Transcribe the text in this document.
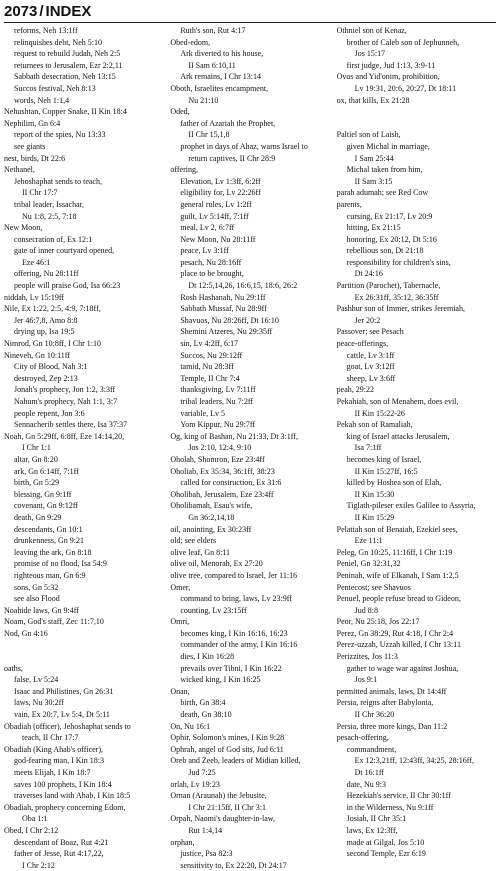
2073 / INDEX
reforms, Neh 13:1ff
relinquishes debt, Neh 5:10
request to rebuild Judah, Neh 2:5
returnees to Jerusalem, Ezr 2:2,11
Sabbath desecration, Neh 13:15
Succos festival, Neh 8:13
words, Neh 1:1,4
Nehushtan, Copper Snake, II Kin 18:4
Nephilim, Gn 6:4
report of the spies, Nu 13:33
see giants
nest, birds, Dt 22:6
Nethanel,
Jehoshaphat sends to teach,
II Chr 17:7
tribal leader, Issachar,
Nu 1:8, 2:5, 7:18
New Moon,
consecration of, Ex 12:1
gate of inner courtyard opened,
Eze 46:1
offering, Nu 28:11ff
people will praise God, Isa 66:23
niddah, Lv 15:19ff
Nile, Ex 1:22, 2:5, 4:9, 7:18ff,
Jer 46:7,8, Amo 8:8
drying up, Isa 19:5
Nimrod, Gn 10:8ff, I Chr 1:10
Nineveh, Gn 10:11ff
City of Blood, Nah 3:1
destroyed, Zep 2:13
Jonah's prophecy, Jon 1:2, 3:3ff
Nahum's prophecy, Nah 1:1, 3:7
people repent, Jon 3:6
Sennacherib settles there, Isa 37:37
Noah, Gn 5:29ff, 6:8ff, Eze 14:14,20,
I Chr 1:1
altar, Gn 8:20
ark, Gn 6:14ff, 7:1ff
birth, Gn 5:29
blessing, Gn 9:1ff
covenant, Gn 9:12ff
death, Gn 9:29
descendants, Gn 10:1
drunkenness, Gn 9:21
leaving the ark, Gn 8:18
promise of no flood, Isa 54:9
righteous man, Gn 6:9
sons, Gn 5:32
see also Flood
Noahide laws, Gn 9:4ff
Noam, God's staff, Zec 11:7,10
Nod, Gn 4:16
oaths,
false, Lv 5:24
Isaac and Philistines, Gn 26:31
laws, Nu 30:2ff
vain, Ex 20:7, Lv 5:4, Dt 5:11
Obadiah (officer), Jehoshaphat sends to
teach, II Chr 17:7
Obadiah (King Ahab's officer),
god-fearing man, I Kin 18:3
meets Elijah, I Kin 18:7
saves 100 prophets, I Kin 18:4
traverses land with Ahab, I Kin 18:5
Obadiah, prophecy concerning Edom,
Oba 1:1
Obed, I Chr 2:12
descendant of Boaz, Rut 4:21
father of Jesse, Rut 4:17,22,
I Chr 2:12
Ruth's son, Rut 4:17
Obed-edom,
Ark diverted to his house,
II Sam 6:10,11
Ark remains, I Chr 13:14
Oboth, Israelites encampment,
Nu 21:10
Oded,
father of Azariah the Prophet,
II Chr 15,1,8
prophet in days of Ahaz, warns Israel to
return captives, II Chr 28:9
offering,
Elevation, Lv 1:3ff, 6:2ff
eligibility for, Lv 22:26ff
general rules, Lv 1:2ff
guilt, Lv 5:14ff, 7:1ff
meal, Lv 2, 6:7ff
New Moon, Nu 28:11ff
peace, Lv 3:1ff
pesach, Nu 28:16ff
place to be brought,
Dt 12:5,14,26, 16:6,15, 18:6, 26:2
Rosh Hashanah, Nu 29:1ff
Sabbath Mussaf, Nu 28:9ff
Shavuos, Nu 28:26ff, Dt 16:10
Shemini Atzeres, Nu 29:35ff
sin, Lv 4:2ff, 6:17
Succos, Nu 29:12ff
tamid, Nu 28:3ff
Temple, II Chr 7:4
thanksgiving, Lv 7:11ff
tribal leaders, Nu 7:2ff
variable, Lv 5
Yom Kippur, Nu 29:7ff
Og, king of Bashan, Nu 21:33, Dt 3:1ff,
Jos 2:10, 12:4, 9:10
Oholah, Shomron, Eze 23:4ff
Oholiab, Ex 35:34, 36:1ff, 38:23
called for construction, Ex 31:6
Oholibah, Jerusalem, Eze 23:4ff
Oholibamah, Esau's wife,
Gn 36:2,14,18
oil, anointing, Ex 30:23ff
old; see elders
olive leaf, Gn 8:11
olive oil, Menorah, Ex 27:20
olive tree, compared to Israel, Jer 11:16
Omer,
command to bring, laws, Lv 23:9ff
counting, Lv 23:15ff
Omri,
becomes king, I Kin 16:16, 16:23
commander of the army, I Kin 16:16
dies, I Kin 16:28
prevails over Tibni, I Kin 16:22
wicked king, I Kin 16:25
Onan,
birth, Gn 38:4
death, Gn 38:10
On, Nu 16:1
Ophir, Solomon's mines, I Kin 9:28
Ophrah, angel of God sits, Jud 6:11
Oreb and Zeeb, leaders of Midian killed,
Jud 7:25
orlah, Lv 19:23
Ornan (Araunah) the Jebusite,
I Chr 21:15ff, II Chr 3:1
Orpah, Naomi's daughter-in-law,
Rut 1:4,14
orphan,
justice, Psa 82:3
sensitivity to, Ex 22:20, Dt 24:17
Othniel son of Kenaz,
brother of Caleb son of Jephunneh,
Jos 15:17
first judge, Jud 1:13, 3:9-11
Ovos and Yid'onim, prohibition,
Lv 19:31, 20:6, 20:27, Dt 18:11
ox, that kills, Ex 21:28
Paltiel son of Laish,
given Michal in marriage,
I Sam 25:44
Michal taken from him,
II Sam 3:15
parah adumah; see Red Cow
parents,
cursing, Ex 21:17, Lv 20:9
hitting, Ex 21:15
honoring, Ex 20:12, Dt 5:16
rebellious son, Dt 21:18
responsibility for children's sins,
Dt 24:16
Partition (Parochet), Tabernacle,
Ex 26:31ff, 35:12, 36:35ff
Pashhur son of Immer, strikes Jeremiah,
Jer 20:2
Passover; see Pesach
peace-offerings,
cattle, Lv 3:1ff
goat, Lv 3:12ff
sheep, Lv 3:6ff
peah, 29:22
Pekahiah, son of Menahem, does evil,
II Kin 15:22-26
Pekah son of Ramaliah,
king of Israel attacks Jerusalem,
Isa 7:1ff
becomes king of Israel,
II Kin 15:27ff, 16:5
killed by Hoshea son of Elah,
II Kin 15:30
Tiglath-pileser exiles Galilee to Assyria,
II Kin 15:29
Pelatiah son of Benaiah, Ezekiel sees,
Eze 11:1
Peleg, Gn 10:25, 11:16ff, I Chr 1:19
Peniel, Gn 32:31,32
Peninah, wife of Elkanah, I Sam 1:2,5
Pentecost; see Shavuos
Penuel, people refuse bread to Gideon,
Jud 8:8
Peor, Nu 25:18, Jos 22:17
Perez, Gn 38:29, Rut 4:18, I Chr 2:4
Perez-uzzah, Uzzah killed, I Chr 13:11
Perizzites, Jos 11:3
gather to wage war against Joshua,
Jos 9:1
permitted animals, laws, Dt 14:4ff
Persia, reigns after Babylonia,
II Chr 36:20
Persia, three more kings, Dan 11:2
pesach-offering,
commandment,
Ex 12:3,21ff, 12:43ff, 34:25, 28:16ff,
Dt 16:1ff
date, Nu 9:3
Hezekiah's service, II Chr 30:1ff
in the Wilderness, Nu 9:1ff
Josiah, II Chr 35:1
laws, Ex 12:3ff,
made at Gilgal, Jos 5:10
second Temple, Ezr 6:19
